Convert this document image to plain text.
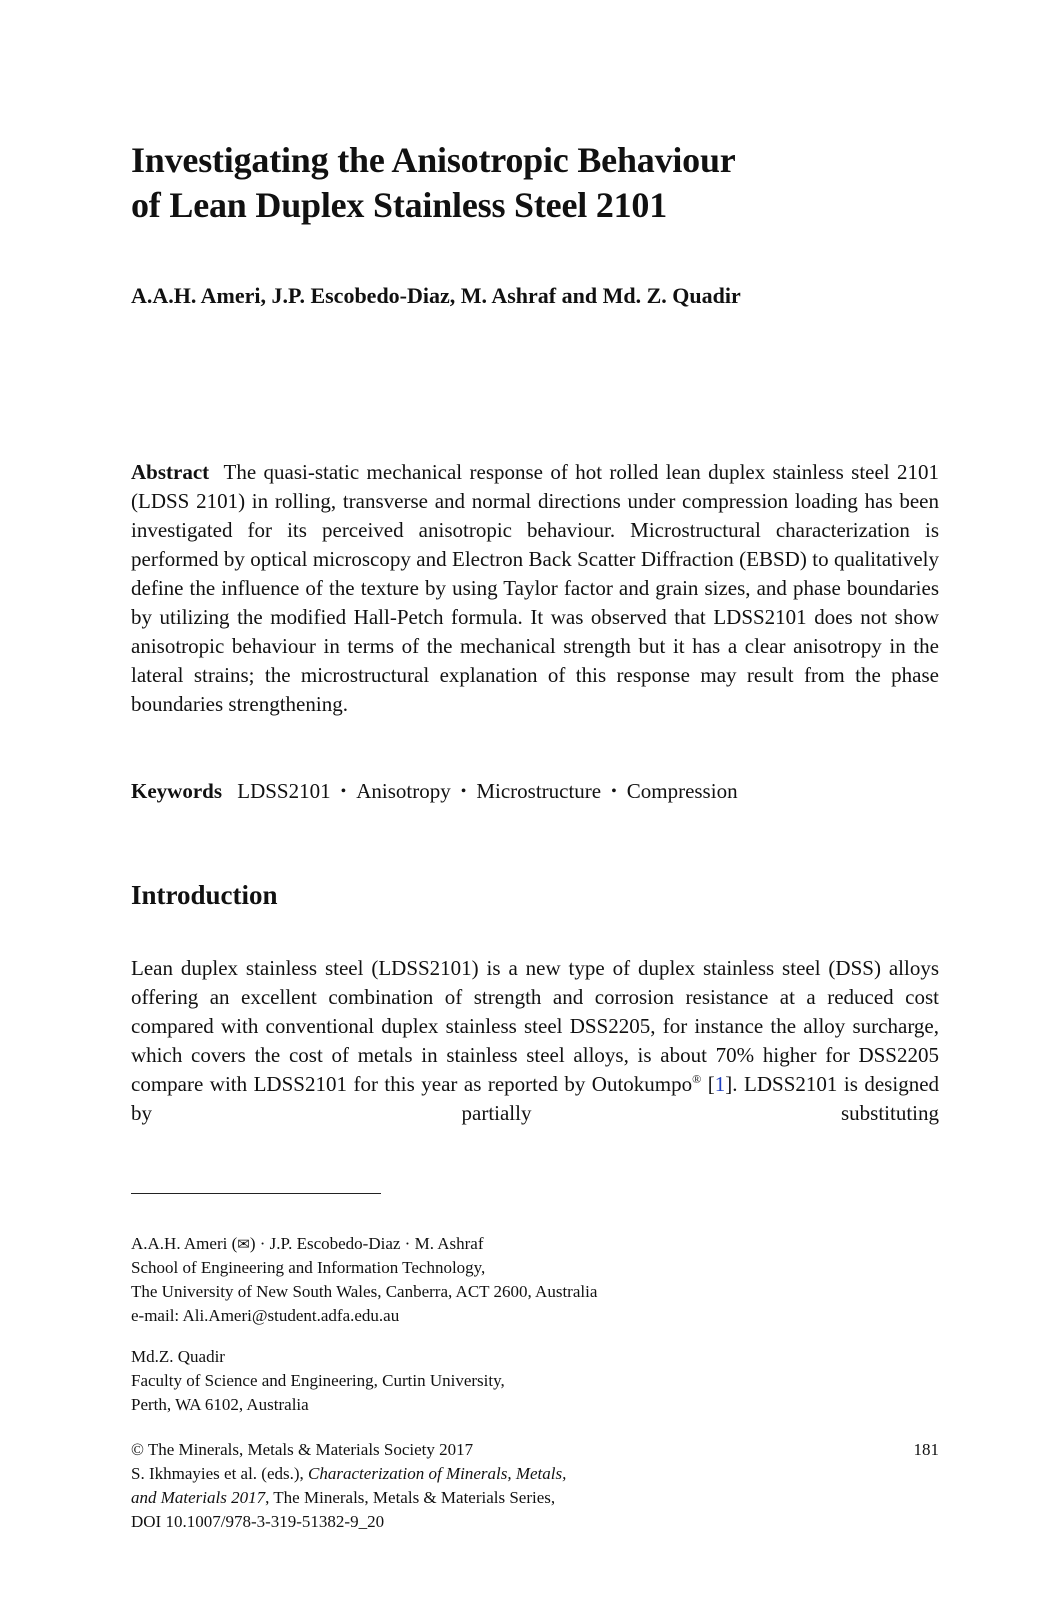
Investigating the Anisotropic Behaviour
of Lean Duplex Stainless Steel 2101
A.A.H. Ameri, J.P. Escobedo-Diaz, M. Ashraf and Md. Z. Quadir
Abstract The quasi-static mechanical response of hot rolled lean duplex stainless steel 2101 (LDSS 2101) in rolling, transverse and normal directions under compression loading has been investigated for its perceived anisotropic behaviour. Microstructural characterization is performed by optical microscopy and Electron Back Scatter Diffraction (EBSD) to qualitatively define the influence of the texture by using Taylor factor and grain sizes, and phase boundaries by utilizing the modified Hall-Petch formula. It was observed that LDSS2101 does not show anisotropic behaviour in terms of the mechanical strength but it has a clear anisotropy in the lateral strains; the microstructural explanation of this response may result from the phase boundaries strengthening.
Keywords LDSS2101 • Anisotropy • Microstructure • Compression
Introduction
Lean duplex stainless steel (LDSS2101) is a new type of duplex stainless steel (DSS) alloys offering an excellent combination of strength and corrosion resistance at a reduced cost compared with conventional duplex stainless steel DSS2205, for instance the alloy surcharge, which covers the cost of metals in stainless steel alloys, is about 70% higher for DSS2205 compare with LDSS2101 for this year as reported by Outokumpo® [1]. LDSS2101 is designed by partially substituting
A.A.H. Ameri (✉) · J.P. Escobedo-Diaz · M. Ashraf
School of Engineering and Information Technology,
The University of New South Wales, Canberra, ACT 2600, Australia
e-mail: Ali.Ameri@student.adfa.edu.au
Md.Z. Quadir
Faculty of Science and Engineering, Curtin University,
Perth, WA 6102, Australia
181
© The Minerals, Metals & Materials Society 2017
S. Ikhmayies et al. (eds.), Characterization of Minerals, Metals,
and Materials 2017, The Minerals, Metals & Materials Series,
DOI 10.1007/978-3-319-51382-9_20
